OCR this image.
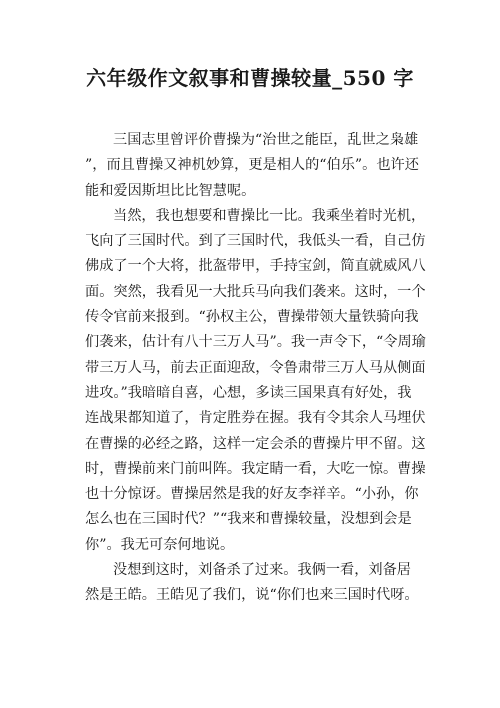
六年级作文叙事和曹操较量_550 字
三国志里曾评价曹操为“治世之能臣，乱世之枭雄
”，而且曹操又神机妙算，更是相人的“伯乐”。也许还
能和爱因斯坦比比智慧呢。
当然，我也想要和曹操比一比。我乘坐着时光机，
飞向了三国时代。到了三国时代，我低头一看，自己仿
佛成了一个大将，批盔带甲，手持宝剑，简直就威风八
面。突然，我看见一大批兵马向我们袭来。这时，一个
传令官前来报到。“孙权主公，曹操带领大量铁骑向我
们袭来，估计有八十三万人马”。我一声令下，“令周瑜
带三万人马，前去正面迎敌，令鲁肃带三万人马从侧面
进攻。”我暗暗自喜，心想，多读三国果真有好处，我
连战果都知道了，肯定胜券在握。我有令其余人马埋伏
在曹操的必经之路，这样一定会杀的曹操片甲不留。这
时，曹操前来门前叫阵。我定睛一看，大吃一惊。曹操
也十分惊讶。曹操居然是我的好友李祥辛。“小孙，你
怎么也在三国时代？”“我来和曹操较量，没想到会是
你”。我无可奈何地说。
没想到这时，刘备杀了过来。我俩一看，刘备居
然是王皓。王皓见了我们，说“你们也来三国时代呀。
